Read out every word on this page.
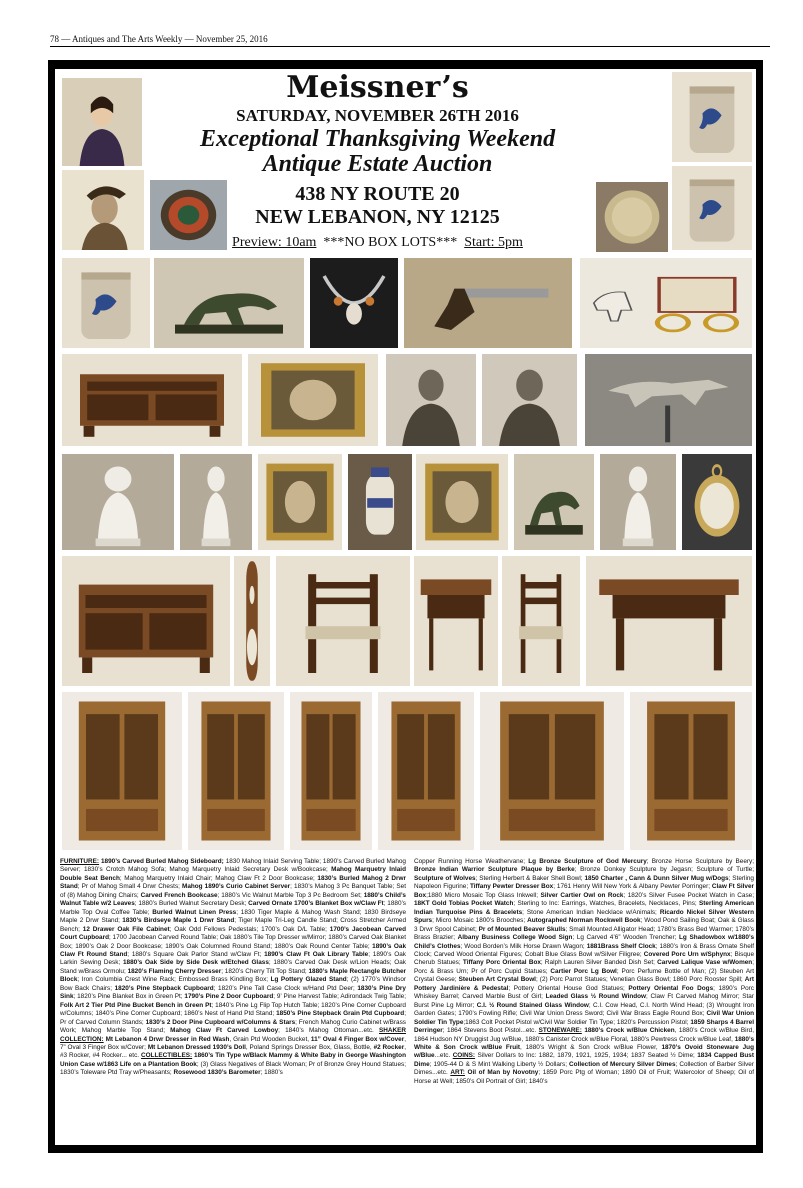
78 — Antiques and The Arts Weekly — November 25, 2016
Meissner’s
SATURDAY, NOVEMBER 26TH 2016
Exceptional Thanksgiving Weekend
Antique Estate Auction
438 NY ROUTE 20
NEW LEBANON, NY 12125
Preview: 10am ***NO BOX LOTS*** Start: 5pm
FURNITURE: 1890’s Carved Burled Mahog Sideboard; 1830 Mahog Inlaid Serving Table; 1890’s Carved Burled Mahog Server; 1830’s Crotch Mahog Sofa; Mahog Marquetry Inlaid Secretary Desk w/Bookcase; Mahog Marquetry Inlaid Double Seat Bench; Mahog Marquetry Inlaid Chair; Mahog Claw Ft 2 Door Bookcase; 1830’s Burled Mahog 2 Drwr Stand; Pr of Mahog Small 4 Drwr Chests; Mahog 1890’s Curio Cabinet Server; 1830’s Mahog 3 Pc Banquet Table; Set of (8) Mahog Dining Chairs; Carved French Bookcase; 1880’s Vic Walnut Marble Top 3 Pc Bedroom Set; 1880’s Child’s Walnut Table w/2 Leaves; 1880’s Burled Walnut Secretary Desk; Carved Ornate 1700’s Blanket Box w/Claw Ft; 1880’s Marble Top Oval Coffee Table; Burled Walnut Linen Press; 1830 Tiger Maple & Mahog Wash Stand; 1830 Birdseye Maple 2 Drwr Stand; 1830’s Birdseye Maple 1 Drwr Stand; Tiger Maple Tri-Leg Candle Stand; Cross Stretcher Armed Bench; 12 Drawer Oak File Cabinet; Oak Odd Fellows Pedestals; 1700’s Oak D/L Table; 1700’s Jacobean Carved Court Cupboard; 1700 Jacobean Carved Round Table; Oak 1880’s Tile Top Dresser w/Mirror; 1880’s Carved Oak Blanket Box; 1890’s Oak 2 Door Bookcase; 1890’s Oak Columned Round Stand; 1880’s Oak Round Center Table; 1890’s Oak Claw Ft Round Stand; 1880’s Square Oak Parlor Stand w/Claw Ft; 1890’s Claw Ft Oak Library Table; 1890’s Oak Larkin Sewing Desk; 1880’s Oak Side by Side Desk w/Etched Glass; 1880’s Carved Oak Desk w/Lion Heads; Oak Stand w/Brass Ormolu; 1820’s Flaming Cherry Dresser; 1820’s Cherry Tilt Top Stand; 1880’s Maple Rectangle Butcher Block; Iron Columbia Crest Wine Rack; Embossed Brass Kindling Box; Lg Pottery Glazed Stand; (2) 1770’s Windsor Bow Back Chairs; 1820’s Pine Stepback Cupboard; 1820’s Pine Tall Case Clock w/Hand Ptd Deer; 1830’s Pine Dry Sink; 1820’s Pine Blanket Box in Green Pt; 1790’s Pine 2 Door Cupboard; 9’ Pine Harvest Table; Adirondack Twig Table; Folk Art 2 Tier Ptd Pine Bucket Bench in Green Pt; 1840’s Pine Lg Flip Top Hutch Table; 1820’s Pine Corner Cupboard w/Columns; 1840’s Pine Corner Cupboard; 1860’s Nest of Hand Ptd Stand; 1850’s Pine Stepback Grain Ptd Cupboard; Pr of Carved Column Stands; 1830’s 2 Door Pine Cupboard w/Columns & Stars; French Mahog Curio Cabinet w/Brass Work; Mahog Marble Top Stand; Mahog Claw Ft Carved Lowboy; 1840’s Mahog Ottoman...etc. SHAKER COLLECTION: Mt Lebanon 4 Drwr Dresser in Red Wash, Grain Ptd Wooden Bucket, 11” Oval 4 Finger Box w/Cover, 7” Oval 3 Finger Box w/Cover; Mt Lebanon Dressed 1930’s Doll, Poland Springs Dresser Box, Glass, Bottle, #2 Rocker, #3 Rocker, #4 Rocker... etc. COLLECTIBLES: 1860’s Tin Type w/Black Mammy & White Baby in George Washington Union Case w/1863 Life on a Plantation Book; (3) Glass Negatives of Black Woman; Pr of Bronze Grey Hound Statues; 1830’s Toleware Ptd Tray w/Pheasants; Rosewood 1830’s Barometer; 1880’s
Copper Running Horse Weathervane; Lg Bronze Sculpture of God Mercury; Bronze Horse Sculpture by Beery; Bronze Indian Warrior Sculpture Plaque by Berke; Bronze Donkey Sculpture by Jegasn; Sculpture of Turtle; Sculpture of Wolves; Sterling Herbert & Baker Shell Bowl; 1850 Charter , Cann & Dunn Silver Mug w/Dogs; Sterling Napoleon Figurine; Tiffany Pewter Dresser Box; 1761 Henry Will New York & Albany Pewter Porringer; Claw Ft Silver Box;1880 Micro Mosaic Top Glass Inkwell; Silver Cartier Owl on Rock; 1820’s Silver Fusee Pocket Watch in Case; 18KT Gold Tobias Pocket Watch; Sterling to Inc: Earrings, Watches, Bracelets, Necklaces, Pins; Sterling American Indian Turquoise Pins & Bracelets; Stone American Indian Necklace w/Animals; Ricardo Nickel Silver Western Spurs; Micro Mosaic 1800’s Brooches; Autographed Norman Rockwell Book; Wood Pond Sailing Boat; Oak & Glass 3 Drwr Spool Cabinet; Pr of Mounted Beaver Skulls; Small Mounted Alligator Head; 1780’s Brass Bed Warmer; 1780’s Brass Brazier; Albany Business College Wood Sign; Lg Carved 4’6” Wooden Trencher; Lg Shadowbox w/1880’s Child’s Clothes; Wood Borden’s Milk Horse Drawn Wagon; 1881Brass Shelf Clock; 1880’s Iron & Brass Ornate Shelf Clock; Carved Wood Oriental Figures; Cobalt Blue Glass Bowl w/Silver Filigree; Covered Porc Urn w/Sphynx; Bisque Cherub Statues; Tiffany Porc Oriental Box; Ralph Lauren Silver Banded Dish Set; Carved Lalique Vase w/Women; Porc & Brass Urn; Pr of Porc Cupid Statues; Cartier Porc Lg Bowl; Porc Perfume Bottle of Man; (2) Steuben Art Crystal Geese; Steuben Art Crystal Bowl; (2) Porc Parrot Statues; Venetian Glass Bowl; 1860 Porc Rooster Spill; Art Pottery Jardinière & Pedestal; Pottery Oriental House God Statues; Pottery Oriental Foo Dogs; 1890’s Porc Whiskey Barrel; Carved Marble Bust of Girl; Leaded Glass ½ Round Window; Claw Ft Carved Mahog Mirror; Star Burst Pine Lg Mirror; C.I. ½ Round Stained Glass Window; C.I. Cow Head, C.I. North Wind Head; (3) Wrought Iron Garden Gates; 1790’s Fowling Rifle; Civil War Union Dress Sword; Civil War Brass Eagle Round Box; Civil War Union Soldier Tin Type;1863 Colt Pocket Pistol w/Civil War Soldier Tin Type; 1820’s Percussion Pistol; 1859 Sharps 4 Barrel Derringer; 1864 Stevens Boot Pistol...etc. STONEWARE: 1880’s Crock w/Blue Chicken, 1880’s Crock w/Blue Bird, 1864 Hudson NY Druggist Jug w/Blue, 1880’s Canister Crock w/Blue Floral, 1880’s Pewtress Crock w/Blue Leaf, 1880’s White & Son Crock w/Blue Fruit, 1880’s Wright & Son Crock w/Blue Flower, 1870’s Ovoid Stoneware Jug w/Blue...etc. COINS: Silver Dollars to Inc: 1882, 1879, 1921, 1925, 1934; 1837 Seated ½ Dime; 1834 Capped Bust Dime; 1905-44 D & S Mint Walking Liberty ½ Dollars; Collection of Mercury Silver Dimes; Collection of Barber Silver Dimes...etc. ART: Oil of Man by Novotny; 1859 Porc Ptg of Woman; 1890 Oil of Fruit; Watercolor of Sheep; Oil of Horse at Well; 1850’s Oil Portrait of Girl; 1840’s
